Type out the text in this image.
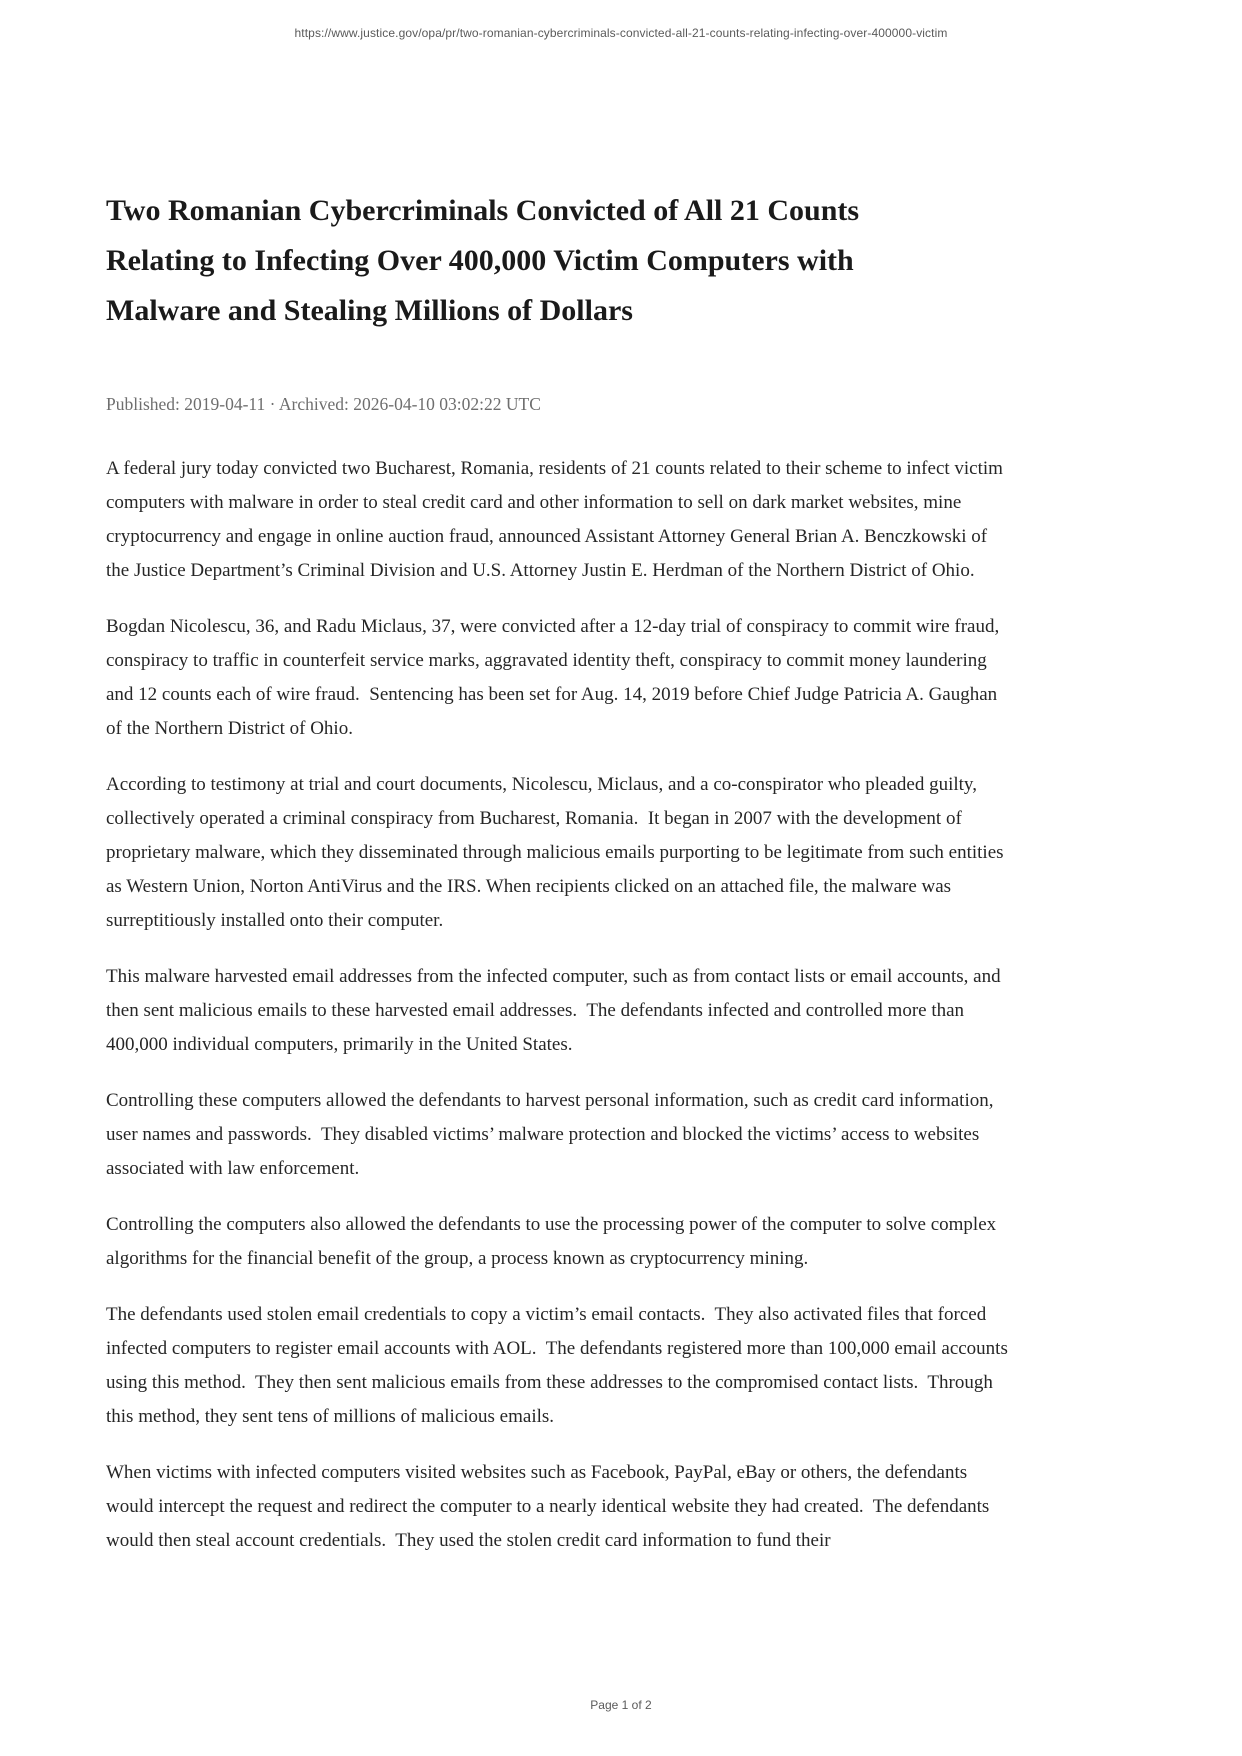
https://www.justice.gov/opa/pr/two-romanian-cybercriminals-convicted-all-21-counts-relating-infecting-over-400000-victim
Two Romanian Cybercriminals Convicted of All 21 Counts
Relating to Infecting Over 400,000 Victim Computers with
Malware and Stealing Millions of Dollars

Published: 2019-04-11 · Archived: 2026-04-10 03:02:22 UTC

A federal jury today convicted two Bucharest, Romania, residents of 21 counts related to their scheme to infect victim computers with malware in order to steal credit card and other information to sell on dark market websites, mine cryptocurrency and engage in online auction fraud, announced Assistant Attorney General Brian A. Benczkowski of the Justice Department’s Criminal Division and U.S. Attorney Justin E. Herdman of the Northern District of Ohio.

Bogdan Nicolescu, 36, and Radu Miclaus, 37, were convicted after a 12-day trial of conspiracy to commit wire fraud, conspiracy to traffic in counterfeit service marks, aggravated identity theft, conspiracy to commit money laundering and 12 counts each of wire fraud.  Sentencing has been set for Aug. 14, 2019 before Chief Judge Patricia A. Gaughan of the Northern District of Ohio.

According to testimony at trial and court documents, Nicolescu, Miclaus, and a co-conspirator who pleaded guilty, collectively operated a criminal conspiracy from Bucharest, Romania.  It began in 2007 with the development of proprietary malware, which they disseminated through malicious emails purporting to be legitimate from such entities as Western Union, Norton AntiVirus and the IRS. When recipients clicked on an attached file, the malware was surreptitiously installed onto their computer.

This malware harvested email addresses from the infected computer, such as from contact lists or email accounts, and then sent malicious emails to these harvested email addresses.  The defendants infected and controlled more than 400,000 individual computers, primarily in the United States.

Controlling these computers allowed the defendants to harvest personal information, such as credit card information, user names and passwords.  They disabled victims’ malware protection and blocked the victims’ access to websites associated with law enforcement.

Controlling the computers also allowed the defendants to use the processing power of the computer to solve complex algorithms for the financial benefit of the group, a process known as cryptocurrency mining.

The defendants used stolen email credentials to copy a victim’s email contacts.  They also activated files that forced infected computers to register email accounts with AOL.  The defendants registered more than 100,000 email accounts using this method.  They then sent malicious emails from these addresses to the compromised contact lists.  Through this method, they sent tens of millions of malicious emails.

When victims with infected computers visited websites such as Facebook, PayPal, eBay or others, the defendants would intercept the request and redirect the computer to a nearly identical website they had created.  The defendants would then steal account credentials.  They used the stolen credit card information to fund their

Page 1 of 2
